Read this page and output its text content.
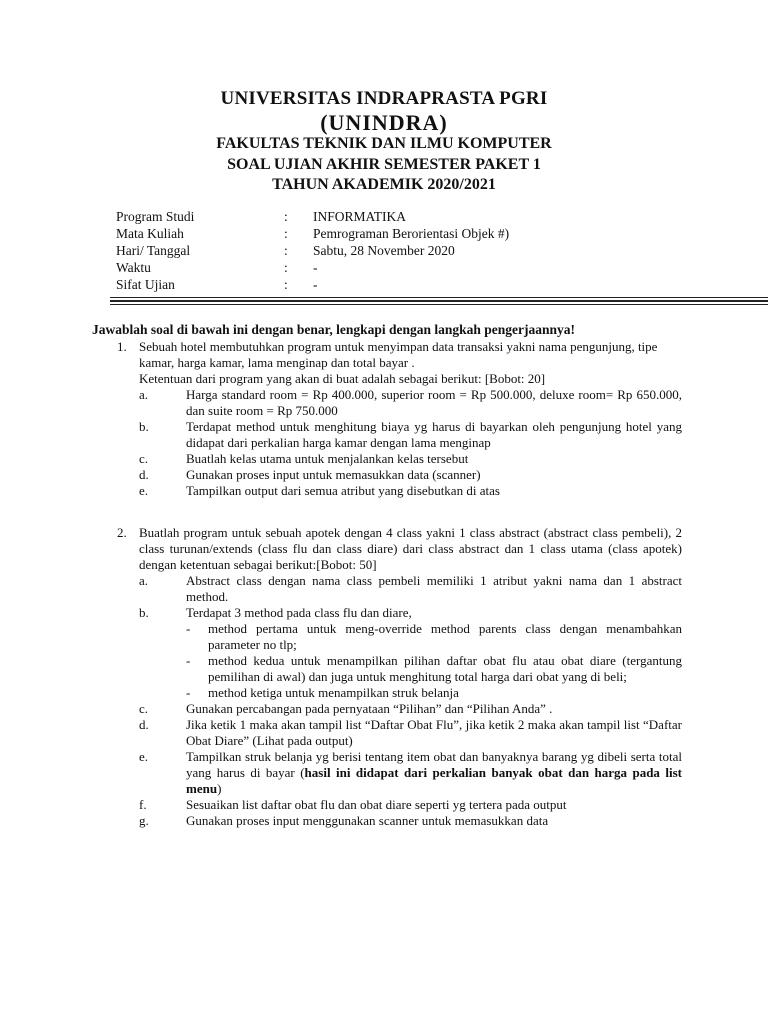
UNIVERSITAS INDRAPRASTA PGRI
(UNINDRA)
FAKULTAS TEKNIK DAN ILMU KOMPUTER
SOAL UJIAN AKHIR SEMESTER PAKET 1
TAHUN AKADEMIK 2020/2021
Program Studi	:	INFORMATIKA
Mata Kuliah	:	Pemrograman Berorientasi Objek #)
Hari/ Tanggal	:	Sabtu, 28 November 2020
Waktu	:	-
Sifat Ujian	:	-
Jawablah soal di bawah ini dengan benar, lengkapi dengan langkah pengerjaannya!
1. Sebuah hotel membutuhkan program untuk menyimpan data transaksi yakni nama pengunjung, tipe kamar, harga kamar, lama menginap dan total bayar .
Ketentuan dari program yang akan di buat adalah sebagai berikut: [Bobot: 20]
a.	Harga standard room = Rp 400.000, superior room = Rp 500.000, deluxe room= Rp 650.000, dan suite room = Rp 750.000
b.	Terdapat method untuk menghitung biaya yg harus di bayarkan oleh pengunjung hotel yang didapat dari perkalian harga kamar dengan lama menginap
c.	Buatlah kelas utama untuk menjalankan kelas tersebut
d.	Gunakan proses input untuk memasukkan data (scanner)
e.	Tampilkan output dari semua atribut yang disebutkan di atas
2. Buatlah program untuk sebuah apotek dengan 4 class yakni 1 class abstract (abstract class pembeli), 2 class turunan/extends (class flu dan class diare) dari class abstract dan 1 class utama (class apotek) dengan ketentuan sebagai berikut:[Bobot: 50]
a.	Abstract class dengan nama class pembeli memiliki 1 atribut yakni nama dan 1 abstract method.
b.	Terdapat 3 method pada class flu dan diare,
-	method pertama untuk meng-override method parents class dengan menambahkan parameter no tlp;
-	method kedua untuk menampilkan pilihan daftar obat flu atau obat diare (tergantung pemilihan di awal) dan juga untuk menghitung total harga dari obat yang di beli;
-	method ketiga untuk menampilkan struk belanja
c.	Gunakan percabangan pada pernyataan “Pilihan” dan “Pilihan Anda” .
d.	Jika ketik 1 maka akan tampil list “Daftar Obat Flu”, jika ketik 2 maka akan tampil list “Daftar Obat Diare” (Lihat pada output)
e.	Tampilkan struk belanja yg berisi tentang item obat dan banyaknya barang yg dibeli serta total yang harus di bayar (hasil ini didapat dari perkalian banyak obat dan harga pada list menu)
f.	Sesuaikan list daftar obat flu dan obat diare seperti yg tertera pada output
g.	Gunakan proses input menggunakan scanner untuk memasukkan data
